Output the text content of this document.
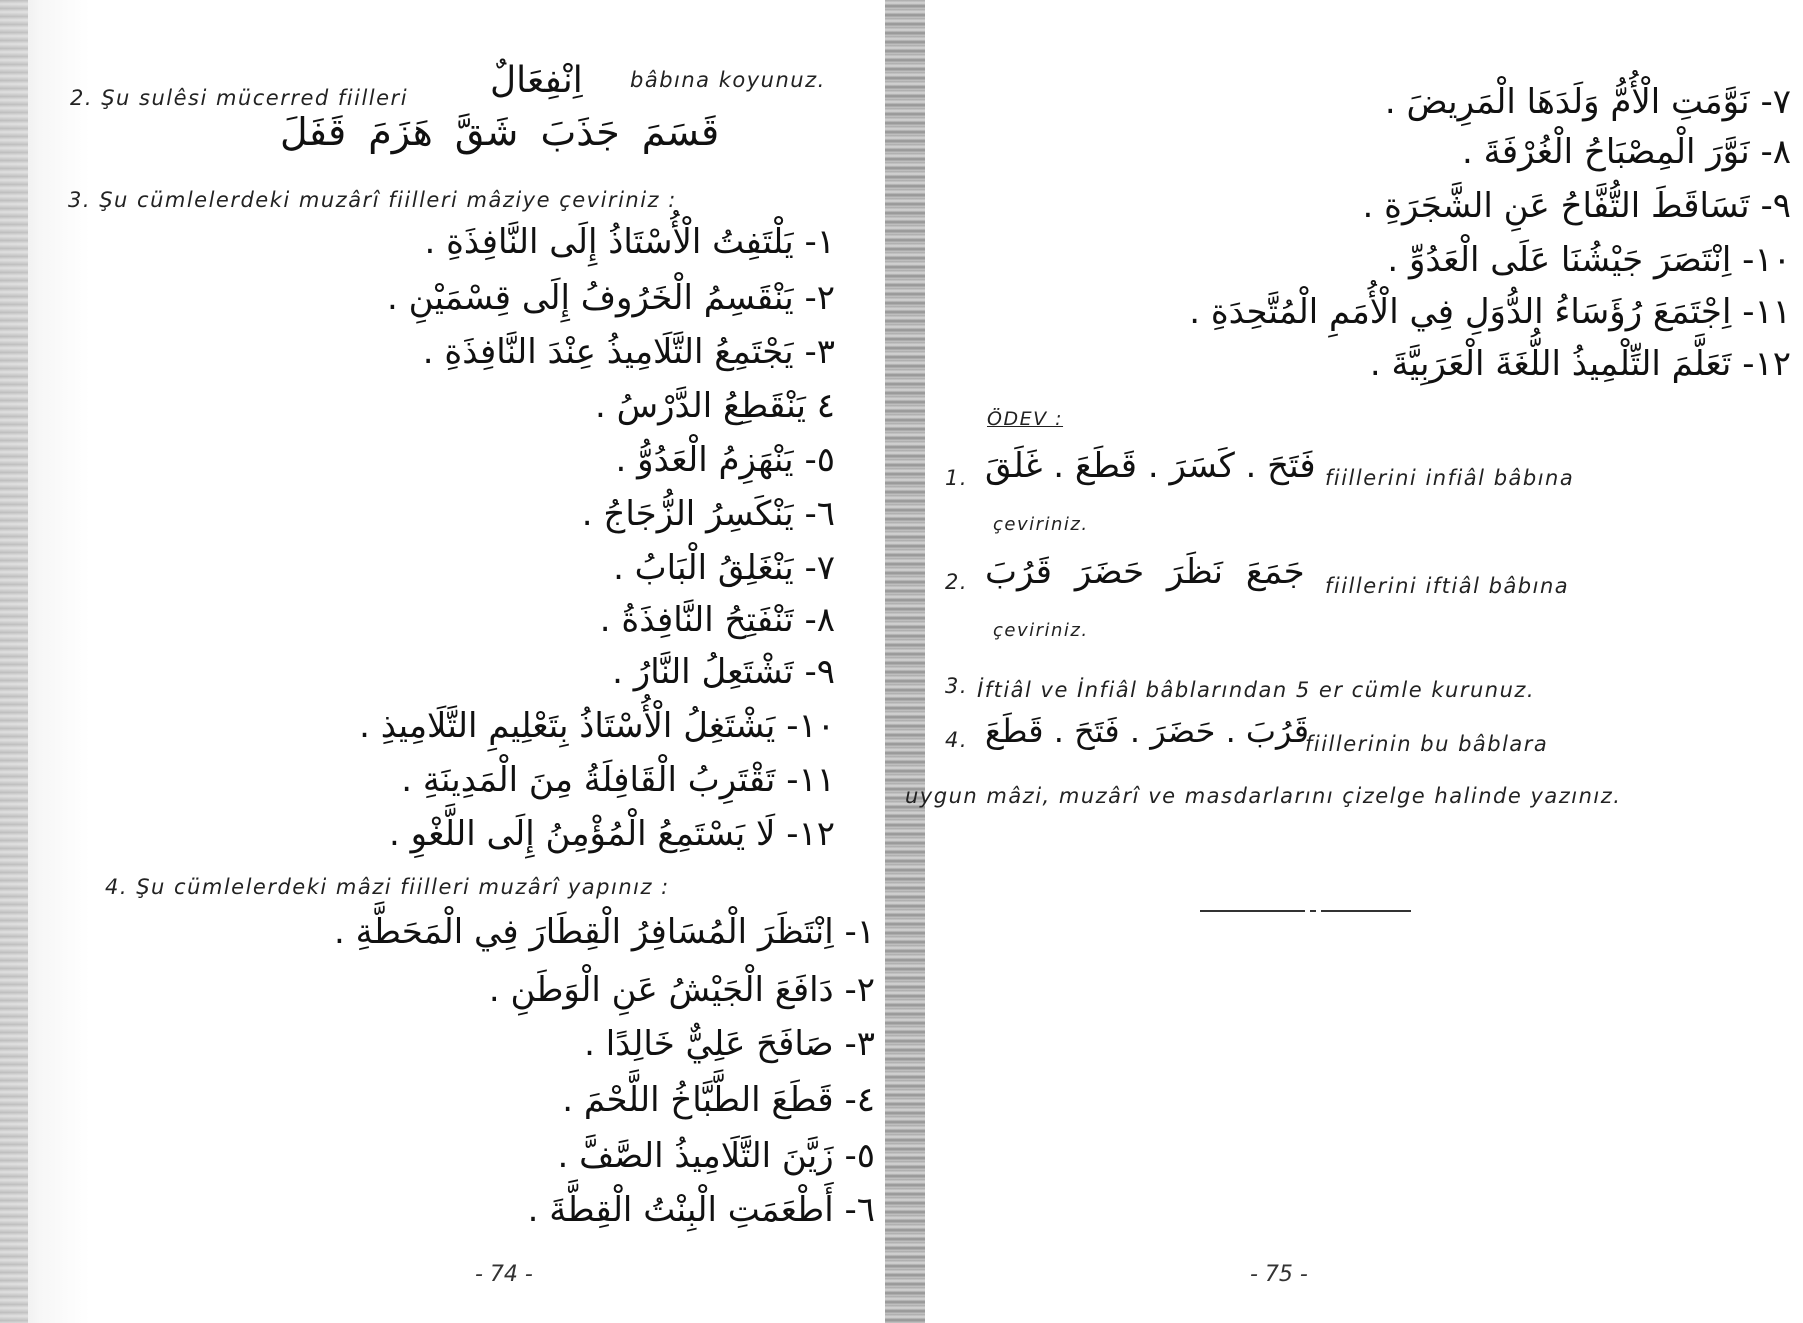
2. Şu sulêsi mücerred fiilleri اِنْفِعَالٌ bâbına koyunuz.
قَسَمَ جَذَبَ شَقَّ هَزَمَ قَفَلَ
3. Şu cümlelerdeki muzârî fiilleri mâziye çeviriniz :
١- يَلْتَفِتُ الْأُسْتَاذُ إِلَى النَّافِذَةِ .
٢- يَنْقَسِمُ الْخَرُوفُ إِلَى قِسْمَيْنِ .
٣- يَجْتَمِعُ التَّلَامِيذُ عِنْدَ النَّافِذَةِ .
٤ يَنْقَطِعُ الدَّرْسُ .
٥- يَنْهَزِمُ الْعَدُوُّ .
٦- يَنْكَسِرُ الزُّجَاجُ .
٧- يَنْغَلِقُ الْبَابُ .
٨- تَنْفَتِحُ النَّافِذَةُ .
٩- تَشْتَعِلُ النَّارُ .
١٠- يَشْتَغِلُ الْأُسْتَاذُ بِتَعْلِيمِ التَّلَامِيذِ .
١١- تَقْتَرِبُ الْقَافِلَةُ مِنَ الْمَدِينَةِ .
١٢- لَا يَسْتَمِعُ الْمُؤْمِنُ إِلَى اللَّغْوِ .
4. Şu cümlelerdeki mâzi fiilleri muzârî yapınız :
١- اِنْتَظَرَ الْمُسَافِرُ الْقِطَارَ فِي الْمَحَطَّةِ .
٢- دَافَعَ الْجَيْشُ عَنِ الْوَطَنِ .
٣- صَافَحَ عَلِيٌّ خَالِدًا .
٤- قَطَعَ الطَّبَّاخُ اللَّحْمَ .
٥- زَيَّنَ التَّلَامِيذُ الصَّفَّ .
٦- أَطْعَمَتِ الْبِنْتُ الْقِطَّةَ .
- 74 -
٧- نَوَّمَتِ الْأُمُّ وَلَدَهَا الْمَرِيضَ .
٨- نَوَّرَ الْمِصْبَاحُ الْغُرْفَةَ .
٩- تَسَاقَطَ التُّفَّاحُ عَنِ الشَّجَرَةِ .
١٠- اِنْتَصَرَ جَيْشُنَا عَلَى الْعَدُوِّ .
١١- اِجْتَمَعَ رُؤَسَاءُ الدُّوَلِ فِي الْأُمَمِ الْمُتَّحِدَةِ .
١٢- تَعَلَّمَ التِّلْمِيذُ اللُّغَةَ الْعَرَبِيَّةَ .
ÖDEV :
1. فَتَحَ . كَسَرَ . قَطَعَ . غَلَقَ fiillerini infiâl bâbına
çeviriniz.
2. جَمَعَ نَظَرَ حَضَرَ قَرُبَ fiillerini iftiâl bâbına
çeviriniz.
3. İftiâl ve İnfiâl bâblarından 5 er cümle kurunuz.
4. قَرُبَ . حَضَرَ . فَتَحَ . قَطَعَ
fiillerinin bu bâblara
uygun mâzi, muzârî ve masdarlarını çizelge halinde yazınız.
- 75 -
